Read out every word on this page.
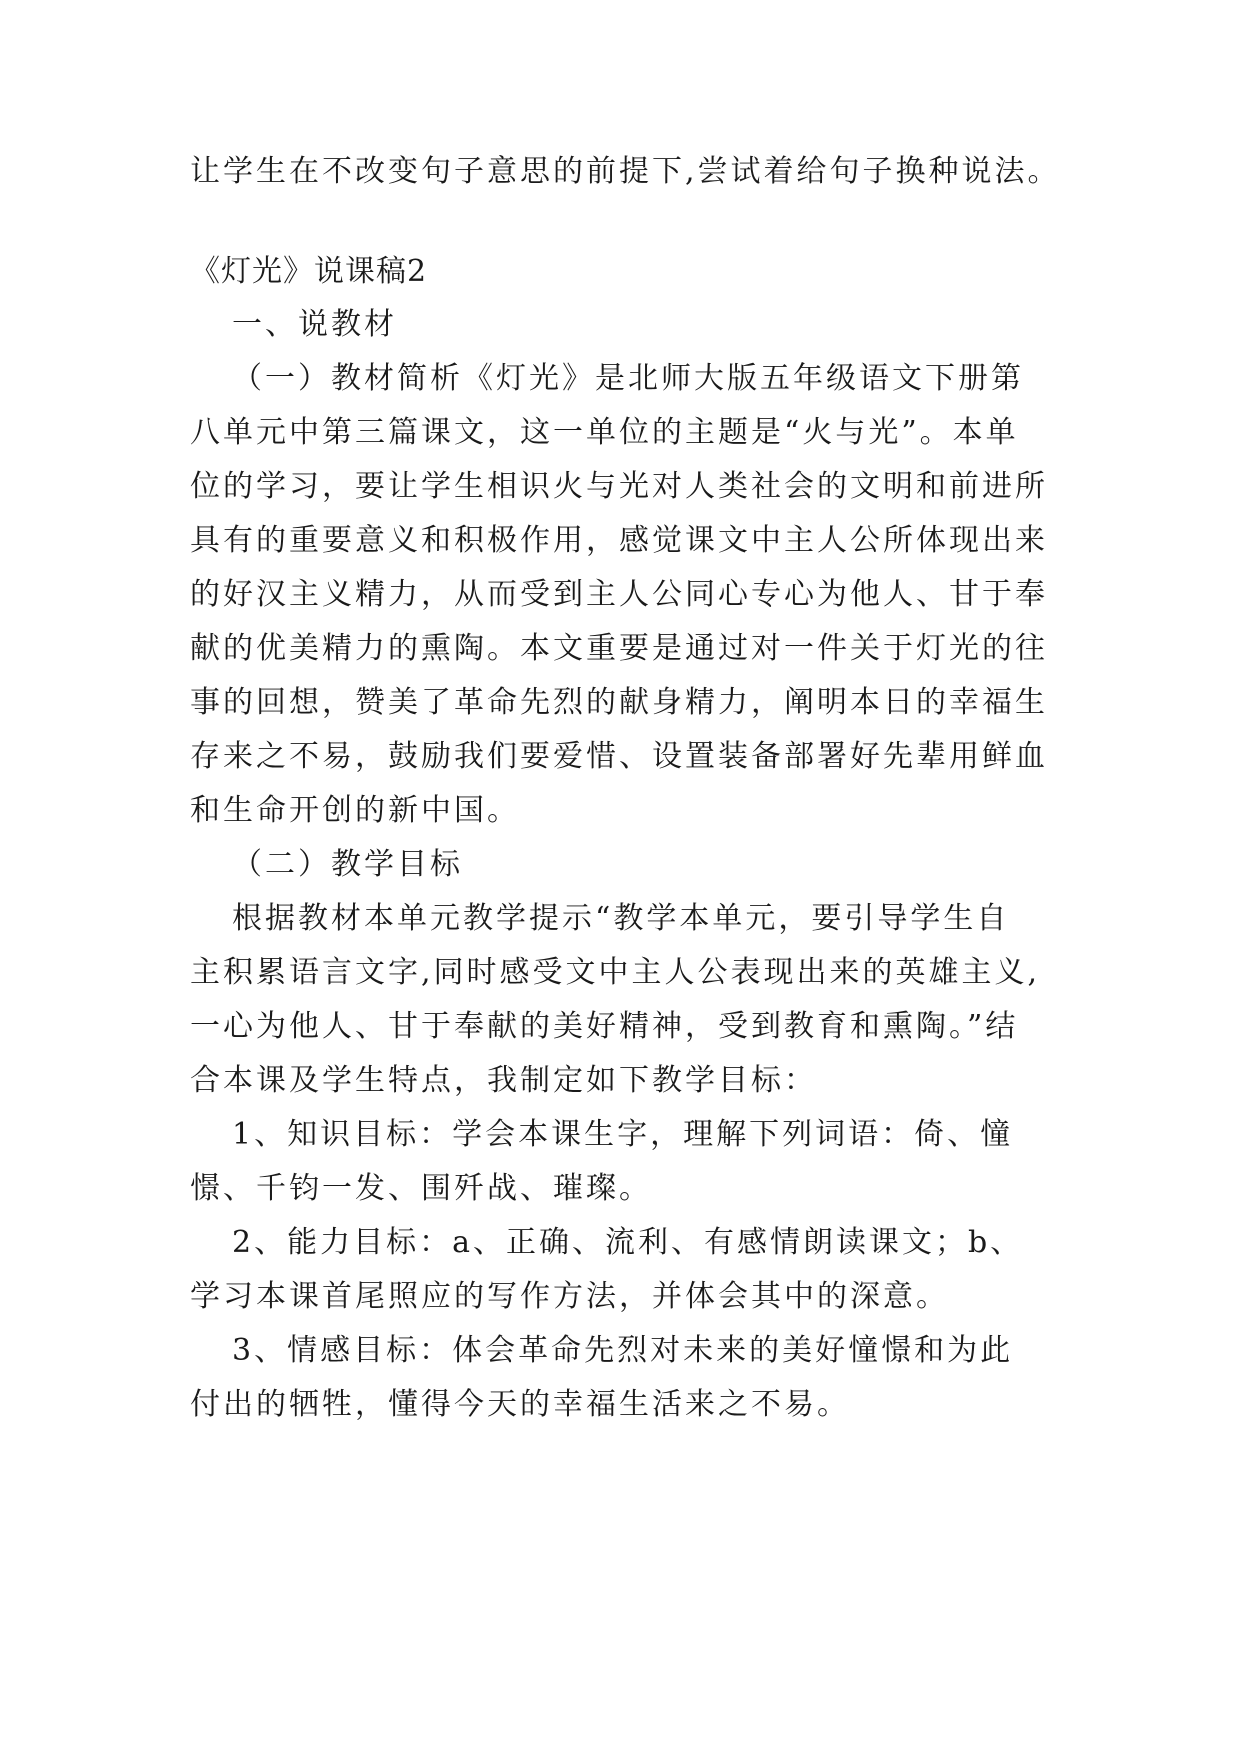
让学生在不改变句子意思的前提下,尝试着给句子换种说法。
《灯光》说课稿2
一、说教材
（一）教材简析《灯光》是北师大版五年级语文下册第
八单元中第三篇课文，这一单位的主题是“火与光”。本单
位的学习，要让学生相识火与光对人类社会的文明和前进所
具有的重要意义和积极作用，感觉课文中主人公所体现出来
的好汉主义精力，从而受到主人公同心专心为他人、甘于奉
献的优美精力的熏陶。本文重要是通过对一件关于灯光的往
事的回想，赞美了革命先烈的献身精力，阐明本日的幸福生
存来之不易，鼓励我们要爱惜、设置装备部署好先辈用鲜血
和生命开创的新中国。
（二）教学目标
根据教材本单元教学提示“教学本单元，要引导学生自
主积累语言文字,同时感受文中主人公表现出来的英雄主义,
一心为他人、甘于奉献的美好精神，受到教育和熏陶。”结
合本课及学生特点，我制定如下教学目标：
1、知识目标：学会本课生字，理解下列词语：倚、憧
憬、千钧一发、围歼战、璀璨。
2、能力目标：a、正确、流利、有感情朗读课文；b、
学习本课首尾照应的写作方法，并体会其中的深意。
3、情感目标：体会革命先烈对未来的美好憧憬和为此
付出的牺牲，懂得今天的幸福生活来之不易。
